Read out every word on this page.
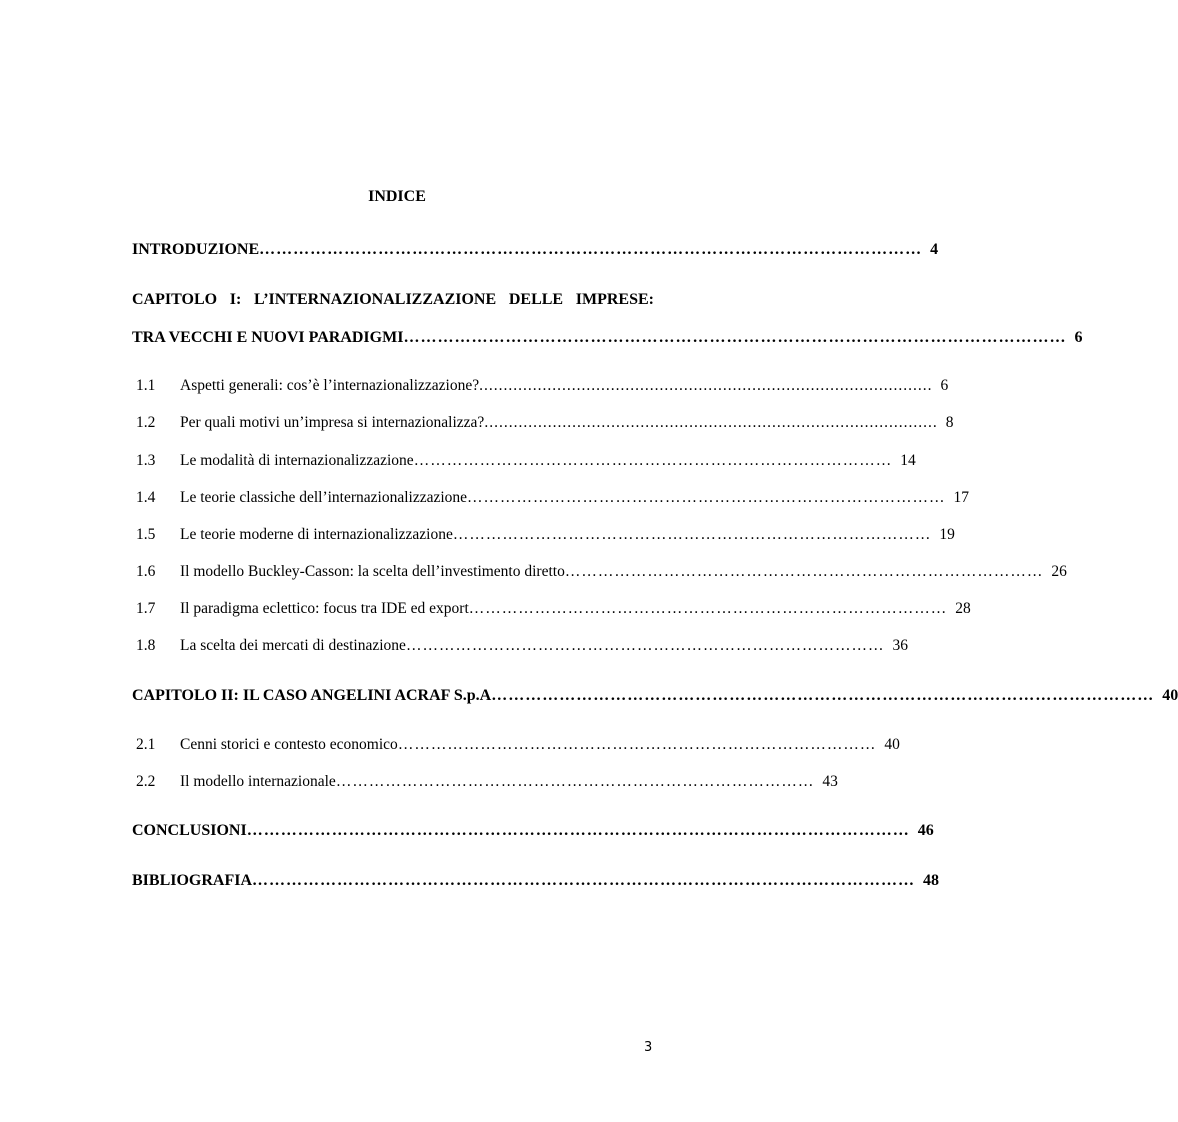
INDICE
INTRODUZIONE ……………………………………………………………………………………………………… 4
CAPITOLO I: L’INTERNAZIONALIZZAZIONE DELLE IMPRESE:
TRA VECCHI E NUOVI PARADIGMI ……………………………………………………………………………………………………… 6
1.1	Aspetti generali: cos’è l’internazionalizzazione? ............................................................................................. 6
1.2	Per quali motivi un’impresa si internazionalizza? ............................................................................................. 8
1.3	Le modalità di internazionalizzazione …………………………………………………………………………… 14
1.4	Le teorie classiche dell’internazionalizzazione …………………………………………………………………………… 17
1.5	Le teorie moderne di internazionalizzazione …………………………………………………………………………… 19
1.6	Il modello Buckley-Casson: la scelta dell’investimento diretto …………………………………………………………………………… 26
1.7	Il paradigma eclettico: focus tra IDE ed export …………………………………………………………………………… 28
1.8	La scelta dei mercati di destinazione …………………………………………………………………………… 36
CAPITOLO II: IL CASO ANGELINI ACRAF S.p.A ……………………………………………………………………………………………………… 40
2.1	Cenni storici e contesto economico …………………………………………………………………………… 40
2.2	Il modello internazionale …………………………………………………………………………… 43
CONCLUSIONI ……………………………………………………………………………………………………… 46
BIBLIOGRAFIA ……………………………………………………………………………………………………… 48
3
